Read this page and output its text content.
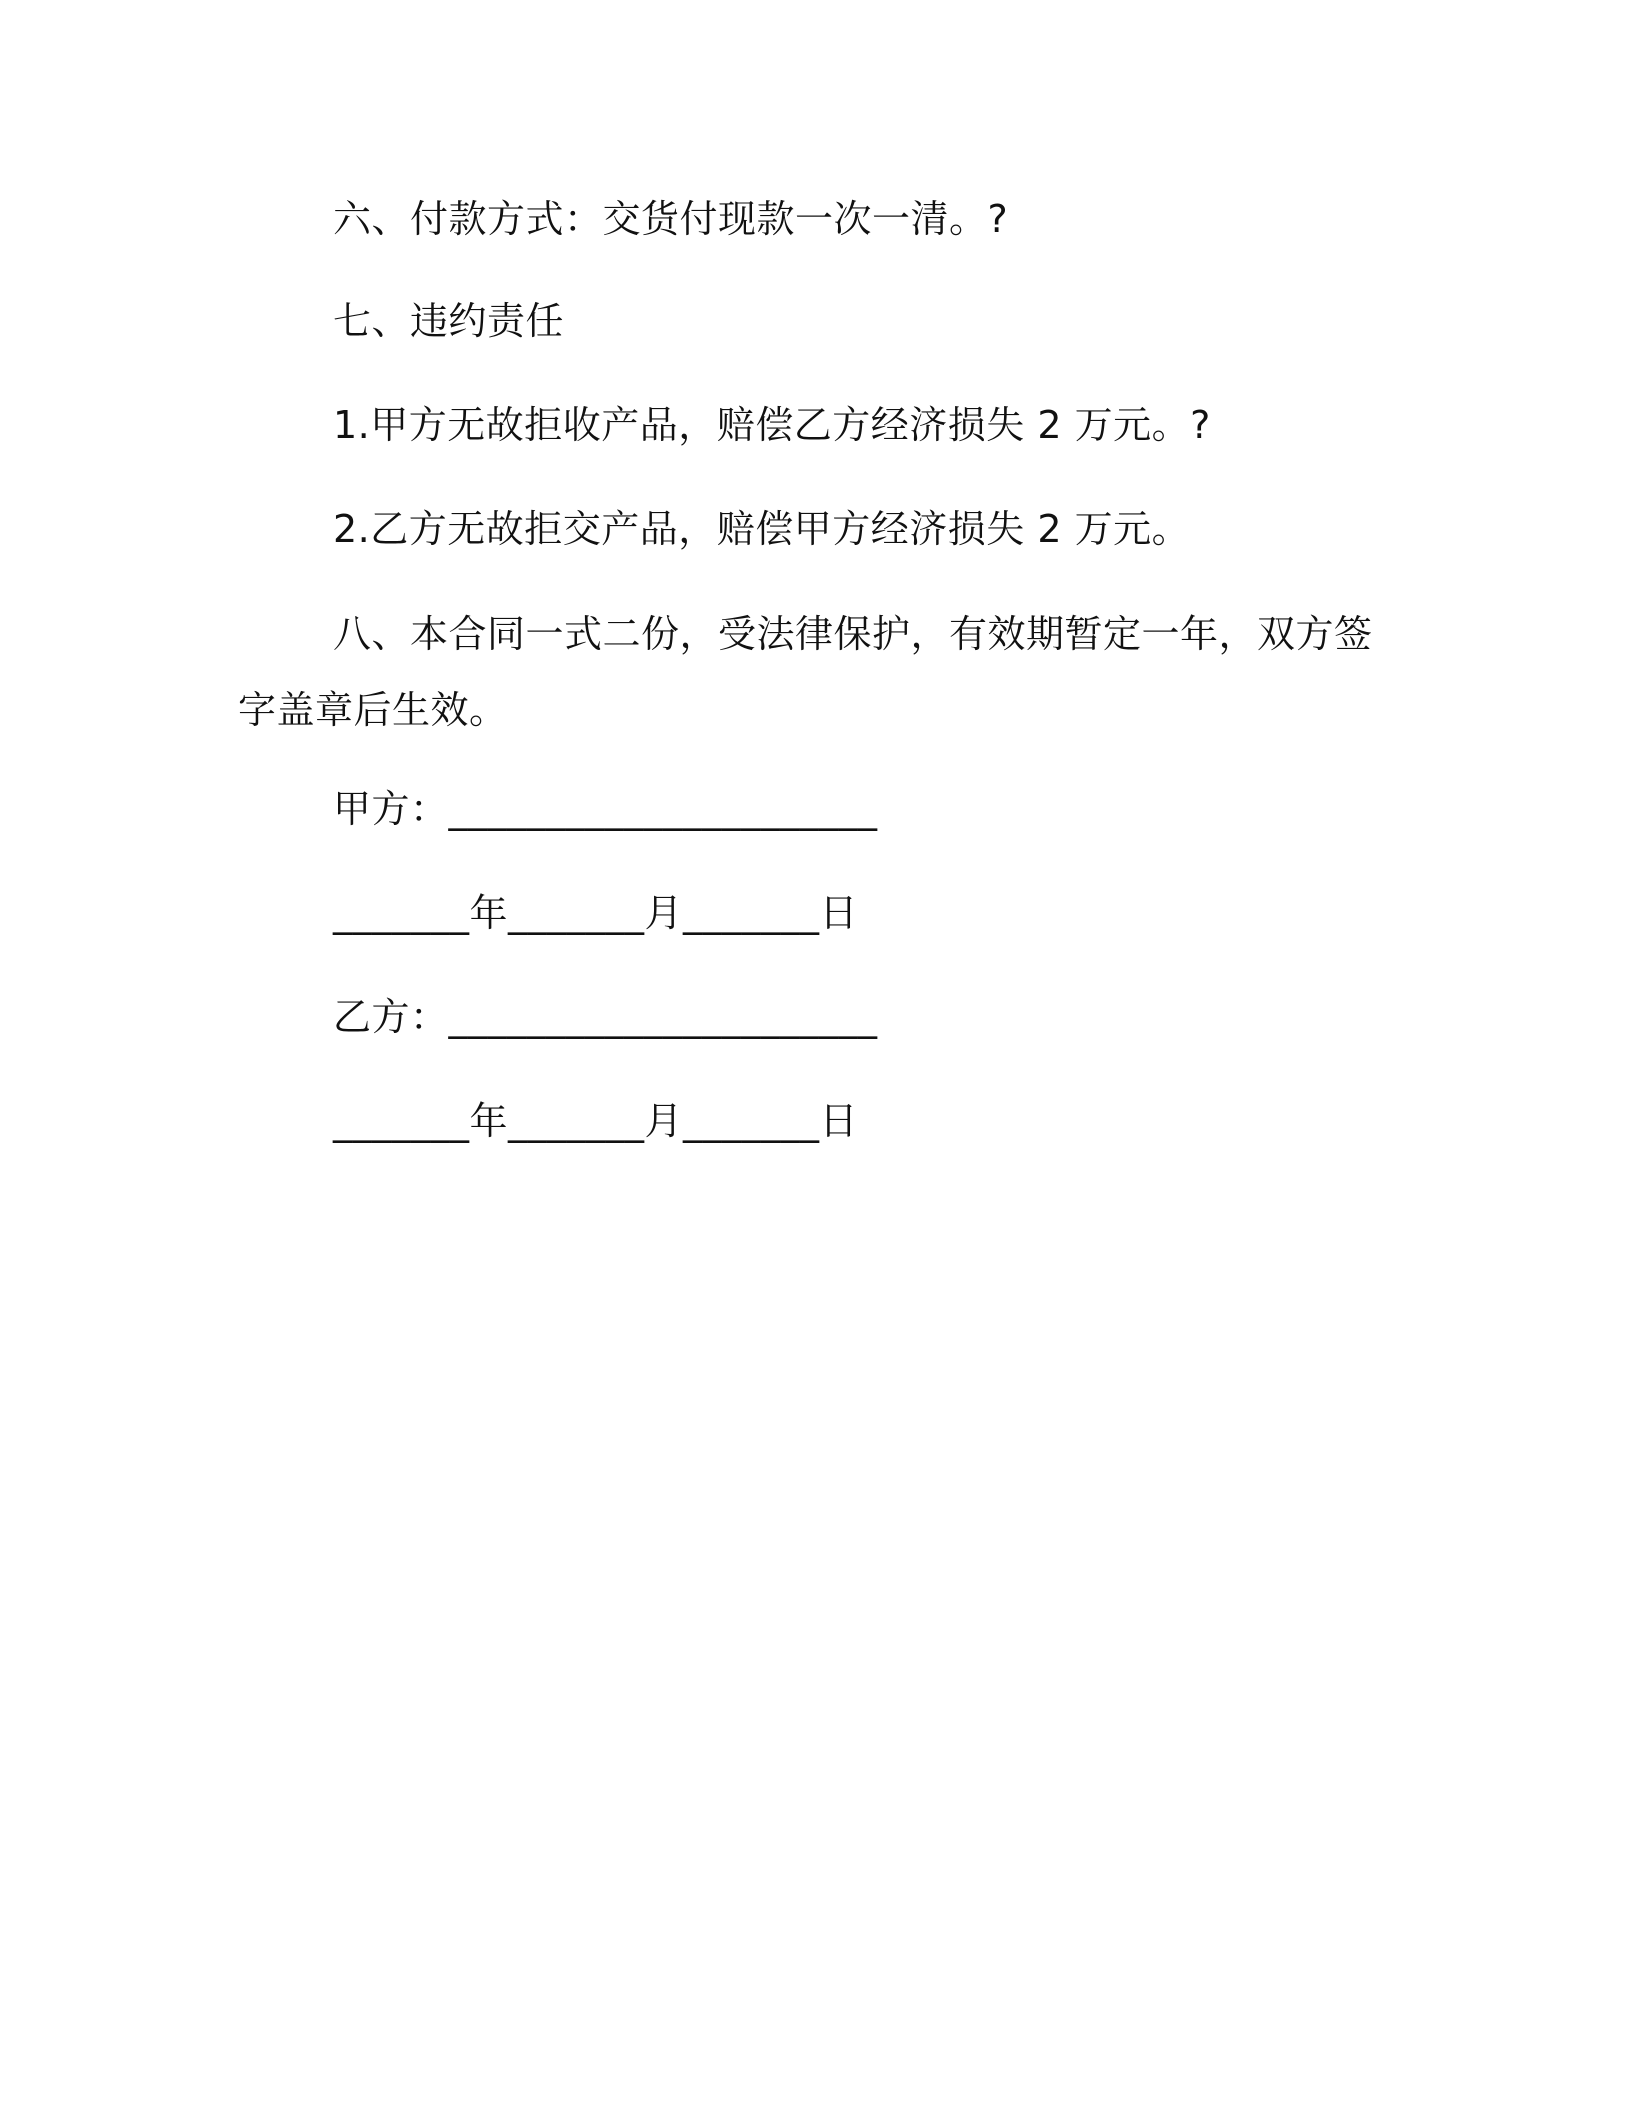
六、付款方式：交货付现款一次一清。?
七、违约责任
1.甲方无故拒收产品，赔偿乙方经济损失 2 万元。?
2.乙方无故拒交产品，赔偿甲方经济损失 2 万元。
八、本合同一式二份，受法律保护，有效期暂定一年，双方签字盖章后生效。
甲方：______________________
_______年_______月_______日
乙方：______________________
_______年_______月_______日
